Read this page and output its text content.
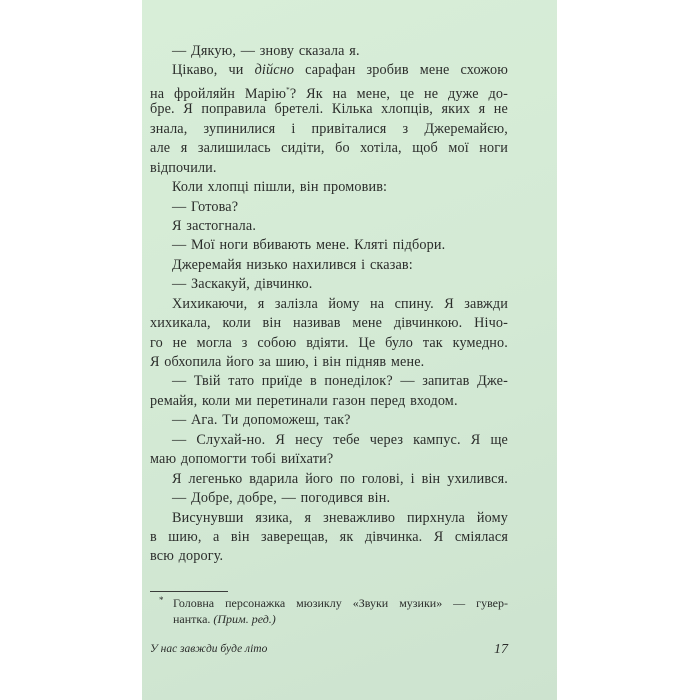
— Дякую, — знову сказала я.
Цікаво, чи дійсно сарафан зробив мене схожою
на фройляйн Марію*? Як на мене, це не дуже до-
бре. Я поправила бретелі. Кілька хлопців, яких я не
знала, зупинилися і привіталися з Джеремайєю,
але я залишилась сидіти, бо хотіла, щоб мої ноги
відпочили.
Коли хлопці пішли, він промовив:
— Готова?
Я застогнала.
— Мої ноги вбивають мене. Кляті підбори.
Джеремайя низько нахилився і сказав:
— Заскакуй, дівчинко.
Хихикаючи, я залізла йому на спину. Я завжди
хихикала, коли він називав мене дівчинкою. Нічо-
го не могла з собою вдіяти. Це було так кумедно.
Я обхопила його за шию, і він підняв мене.
— Твій тато приїде в понеділок? — запитав Дже-
ремайя, коли ми перетинали газон перед входом.
— Ага. Ти допоможеш, так?
— Слухай-но. Я несу тебе через кампус. Я ще
маю допомогти тобі виїхати?
Я легенько вдарила його по голові, і він ухилився.
— Добре, добре, — погодився він.
Висунувши язика, я зневажливо пирхнула йому
в шию, а він заверещав, як дівчинка. Я сміялася
всю дорогу.
* Головна персонажка мюзиклу «Звуки музики» — гувер-
нантка. (Прим. ред.)
У нас завжди буде літо	17
